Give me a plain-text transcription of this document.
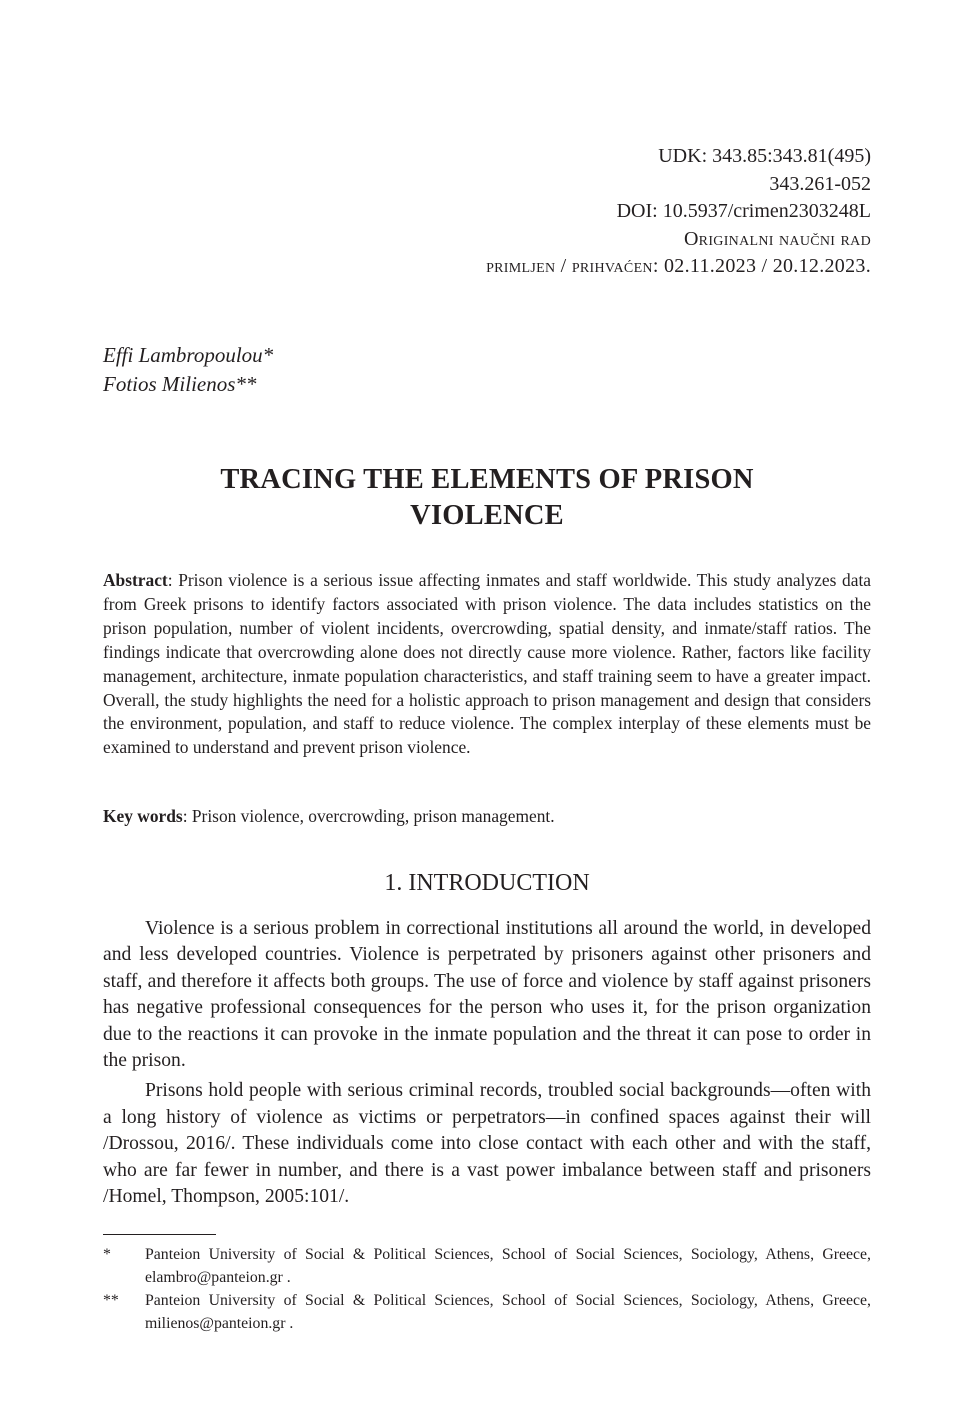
UDK: 343.85:343.81(495)
343.261-052
DOI: 10.5937/crimen2303248L
Originalni naučni rad
primljen / prihvaćen: 02.11.2023 / 20.12.2023.
Effi Lambropoulou*
Fotios Milienos**
TRACING THE ELEMENTS OF PRISON
VIOLENCE
Abstract: Prison violence is a serious issue affecting inmates and staff worldwide. This study analyzes data from Greek prisons to identify factors associated with prison violence. The data includes statistics on the prison population, number of violent incidents, overcrowding, spatial density, and inmate/staff ratios. The findings indicate that overcrowding alone does not directly cause more violence. Rather, factors like facility management, architecture, inmate population characteristics, and staff training seem to have a greater impact. Overall, the study highlights the need for a holistic approach to prison management and design that considers the environment, population, and staff to reduce violence. The complex interplay of these elements must be examined to understand and prevent prison violence.
Key words: Prison violence, overcrowding, prison management.
1. INTRODUCTION

Violence is a serious problem in correctional institutions all around the world, in developed and less developed countries. Violence is perpetrated by prisoners against other prisoners and staff, and therefore it affects both groups. The use of force and violence by staff against prisoners has negative professional consequences for the person who uses it, for the prison organization due to the reactions it can provoke in the inmate population and the threat it can pose to order in the prison.

Prisons hold people with serious criminal records, troubled social backgrounds—often with a long history of violence as victims or perpetrators—in confined spaces against their will /Drossou, 2016/. These individuals come into close contact with each other and with the staff, who are far fewer in number, and there is a vast power imbalance between staff and prisoners /Homel, Thompson, 2005:101/.

*	Panteion University of Social & Political Sciences, School of Social Sciences, Sociology, Athens, Greece, elambro@panteion.gr .
**	Panteion University of Social & Political Sciences, School of Social Sciences, Sociology, Athens, Greece, milienos@panteion.gr .
